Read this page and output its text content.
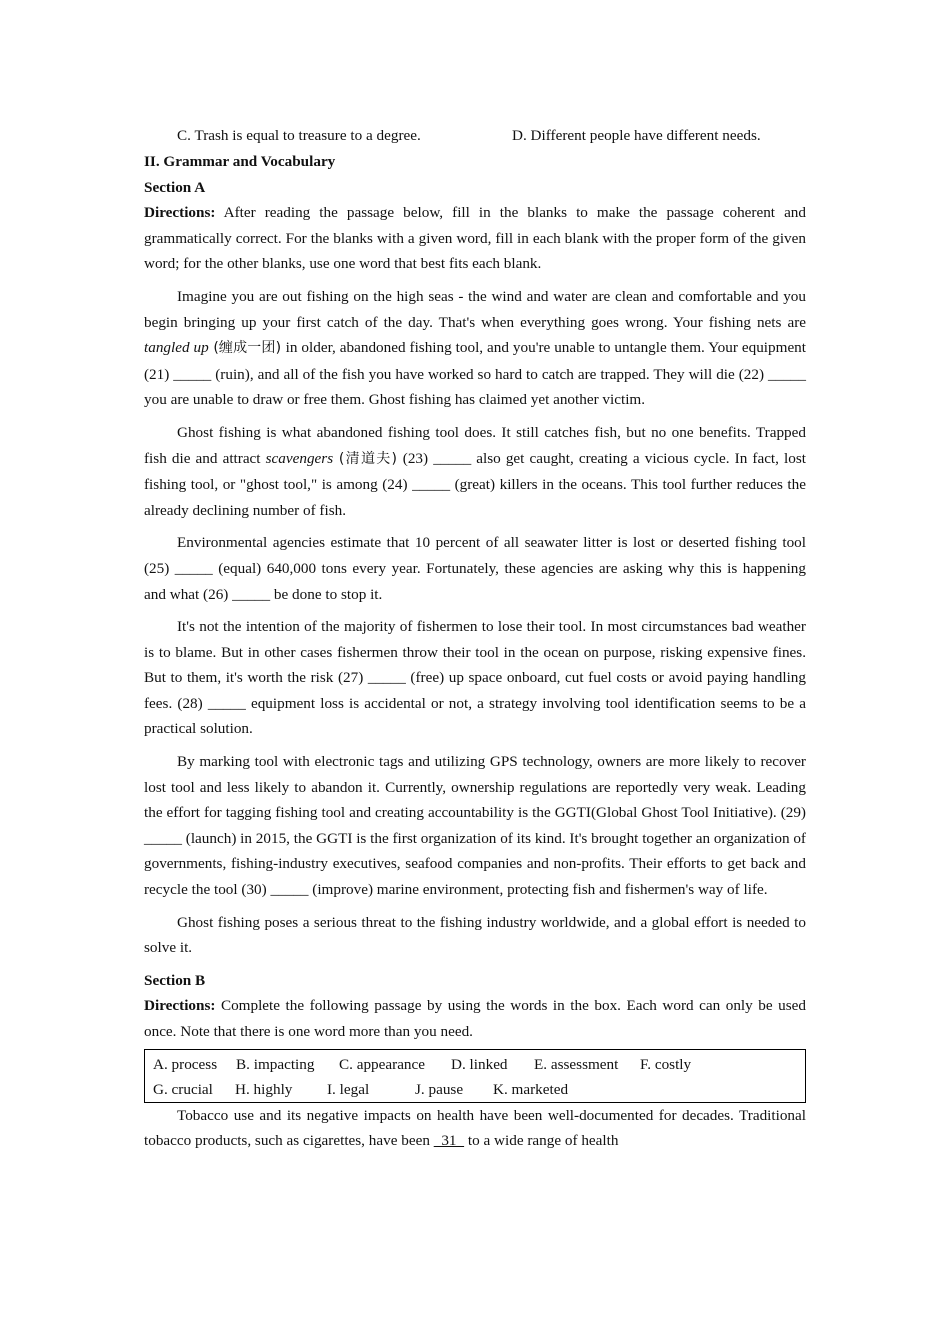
C. Trash is equal to treasure to a degree.	D. Different people have different needs.
II. Grammar and Vocabulary
Section A

Directions: After reading the passage below, fill in the blanks to make the passage coherent and grammatically correct. For the blanks with a given word, fill in each blank with the proper form of the given word; for the other blanks, use one word that best fits each blank.

Imagine you are out fishing on the high seas - the wind and water are clean and comfortable and you begin bringing up your first catch of the day. That's when everything goes wrong. Your fishing nets are tangled up (缠成一团) in older, abandoned fishing tool, and you're unable to untangle them. Your equipment (21) _____ (ruin), and all of the fish you have worked so hard to catch are trapped. They will die (22) _____ you are unable to draw or free them. Ghost fishing has claimed yet another victim.

Ghost fishing is what abandoned fishing tool does. It still catches fish, but no one benefits. Trapped fish die and attract scavengers (清道夫) (23) _____ also get caught, creating a vicious cycle. In fact, lost fishing tool, or "ghost tool," is among (24) _____ (great) killers in the oceans. This tool further reduces the already declining number of fish.

Environmental agencies estimate that 10 percent of all seawater litter is lost or deserted fishing tool (25) _____ (equal) 640,000 tons every year. Fortunately, these agencies are asking why this is happening and what (26) _____ be done to stop it.

It's not the intention of the majority of fishermen to lose their tool. In most circumstances bad weather is to blame. But in other cases fishermen throw their tool in the ocean on purpose, risking expensive fines. But to them, it's worth the risk (27) _____ (free) up space onboard, cut fuel costs or avoid paying handling fees. (28) _____ equipment loss is accidental or not, a strategy involving tool identification seems to be a practical solution.

By marking tool with electronic tags and utilizing GPS technology, owners are more likely to recover lost tool and less likely to abandon it. Currently, ownership regulations are reportedly very weak. Leading the effort for tagging fishing tool and creating accountability is the GGTI(Global Ghost Tool Initiative). (29) _____ (launch) in 2015, the GGTI is the first organization of its kind. It's brought together an organization of governments, fishing-industry executives, seafood companies and non-profits. Their efforts to get back and recycle the tool (30) _____ (improve) marine environment, protecting fish and fishermen's way of life.

Ghost fishing poses a serious threat to the fishing industry worldwide, and a global effort is needed to solve it.

Section B

Directions: Complete the following passage by using the words in the box. Each word can only be used once. Note that there is one word more than you need.

A. process B. impacting C. appearance D. linked E. assessment F. costly
G. crucial H. highly I. legal	J. pause K. marketed

Tobacco use and its negative impacts on health have been well-documented for decades. Traditional tobacco products, such as cigarettes, have been   31   to a wide range of health
